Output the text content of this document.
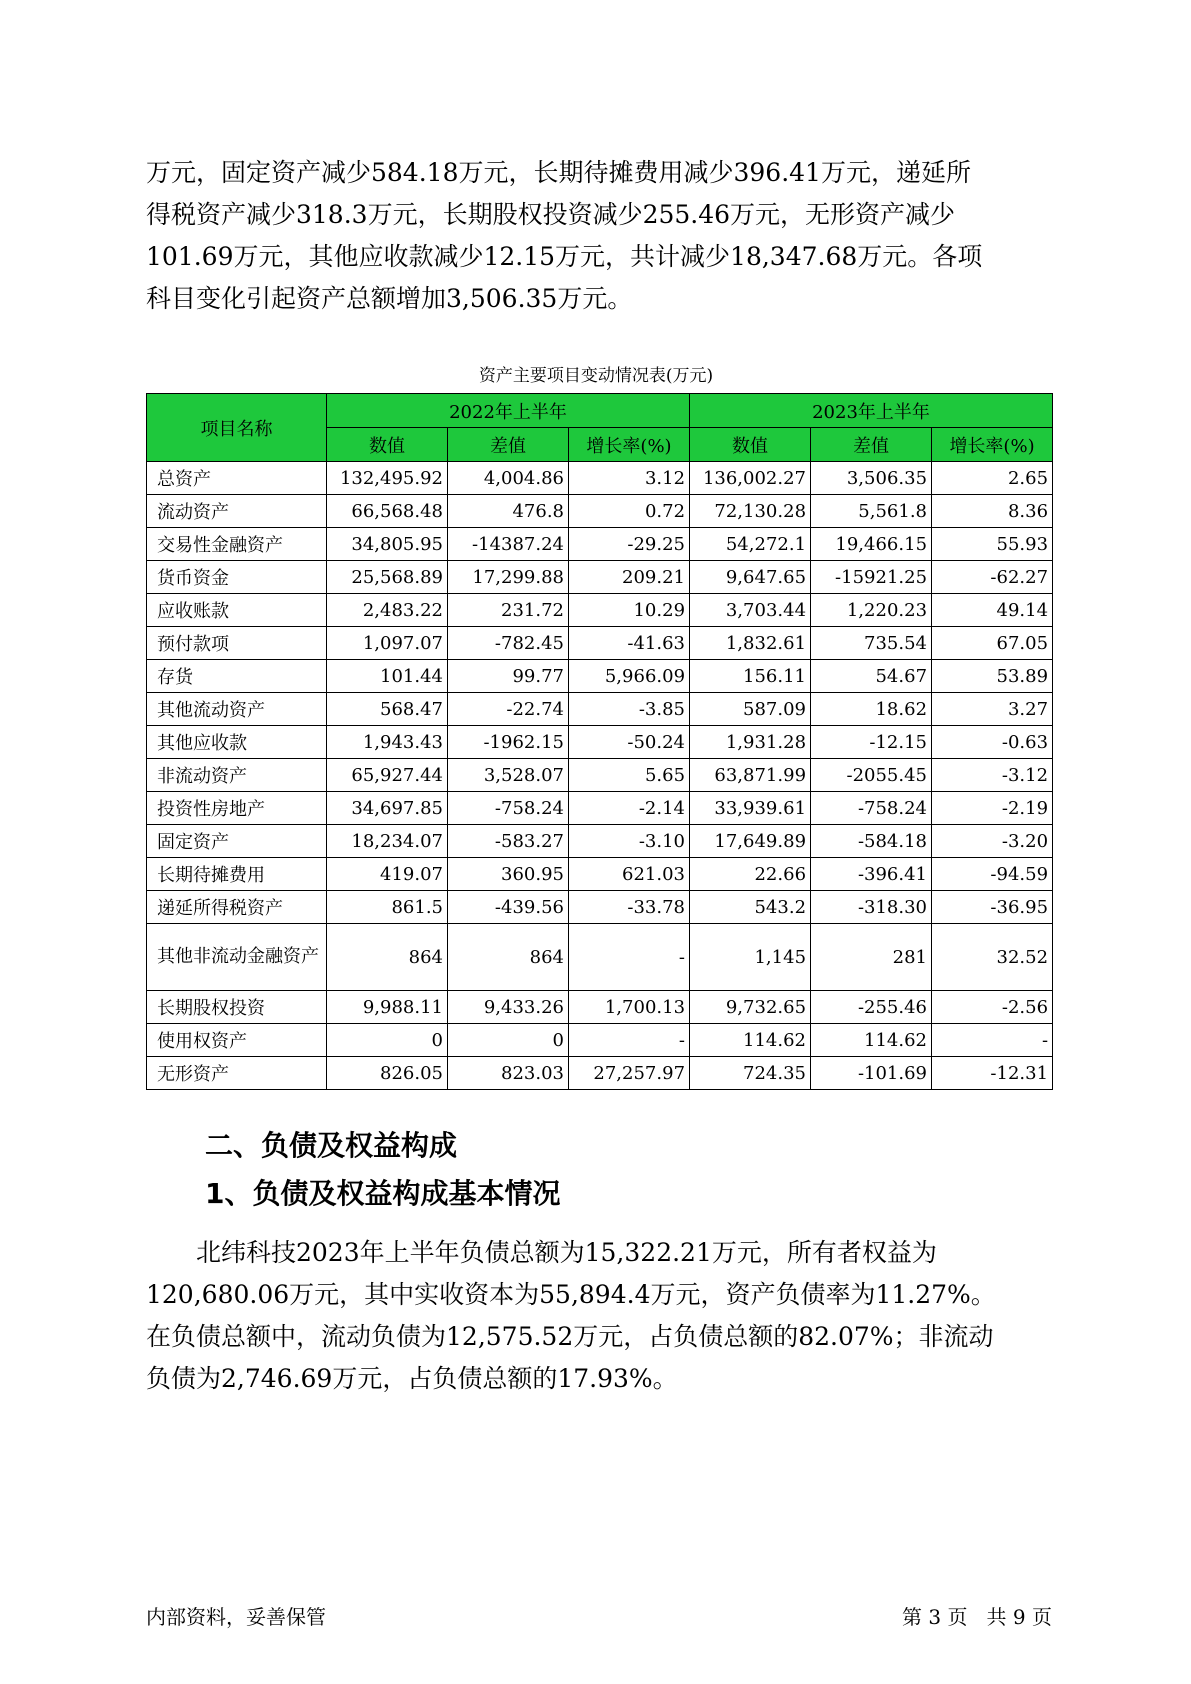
万元，固定资产减少584.18万元，长期待摊费用减少396.41万元，递延所
得税资产减少318.3万元，长期股权投资减少255.46万元，无形资产减少
101.69万元，其他应收款减少12.15万元，共计减少18,347.68万元。各项
科目变化引起资产总额增加3,506.35万元。
资产主要项目变动情况表(万元)
项目名称	2022年上半年			2023年上半年		
	数值	差值	增长率(%)	数值	差值	增长率(%)
总资产	132,495.92	4,004.86	3.12	136,002.27	3,506.35	2.65
流动资产	66,568.48	476.8	0.72	72,130.28	5,561.8	8.36
交易性金融资产	34,805.95	-14387.24	-29.25	54,272.1	19,466.15	55.93
货币资金	25,568.89	17,299.88	209.21	9,647.65	-15921.25	-62.27
应收账款	2,483.22	231.72	10.29	3,703.44	1,220.23	49.14
预付款项	1,097.07	-782.45	-41.63	1,832.61	735.54	67.05
存货	101.44	99.77	5,966.09	156.11	54.67	53.89
其他流动资产	568.47	-22.74	-3.85	587.09	18.62	3.27
其他应收款	1,943.43	-1962.15	-50.24	1,931.28	-12.15	-0.63
非流动资产	65,927.44	3,528.07	5.65	63,871.99	-2055.45	-3.12
投资性房地产	34,697.85	-758.24	-2.14	33,939.61	-758.24	-2.19
固定资产	18,234.07	-583.27	-3.10	17,649.89	-584.18	-3.20
长期待摊费用	419.07	360.95	621.03	22.66	-396.41	-94.59
递延所得税资产	861.5	-439.56	-33.78	543.2	-318.30	-36.95
其他非流动金融资产	864	864	-	1,145	281	32.52
长期股权投资	9,988.11	9,433.26	1,700.13	9,732.65	-255.46	-2.56
使用权资产	0	0	-	114.62	114.62	-
无形资产	826.05	823.03	27,257.97	724.35	-101.69	-12.31
二、负债及权益构成
1、负债及权益构成基本情况
　　北纬科技2023年上半年负债总额为15,322.21万元，所有者权益为
120,680.06万元，其中实收资本为55,894.4万元，资产负债率为11.27%。
在负债总额中，流动负债为12,575.52万元，占负债总额的82.07%；非流动
负债为2,746.69万元，占负债总额的17.93%。
内部资料，妥善保管	第 3 页   共 9 页
